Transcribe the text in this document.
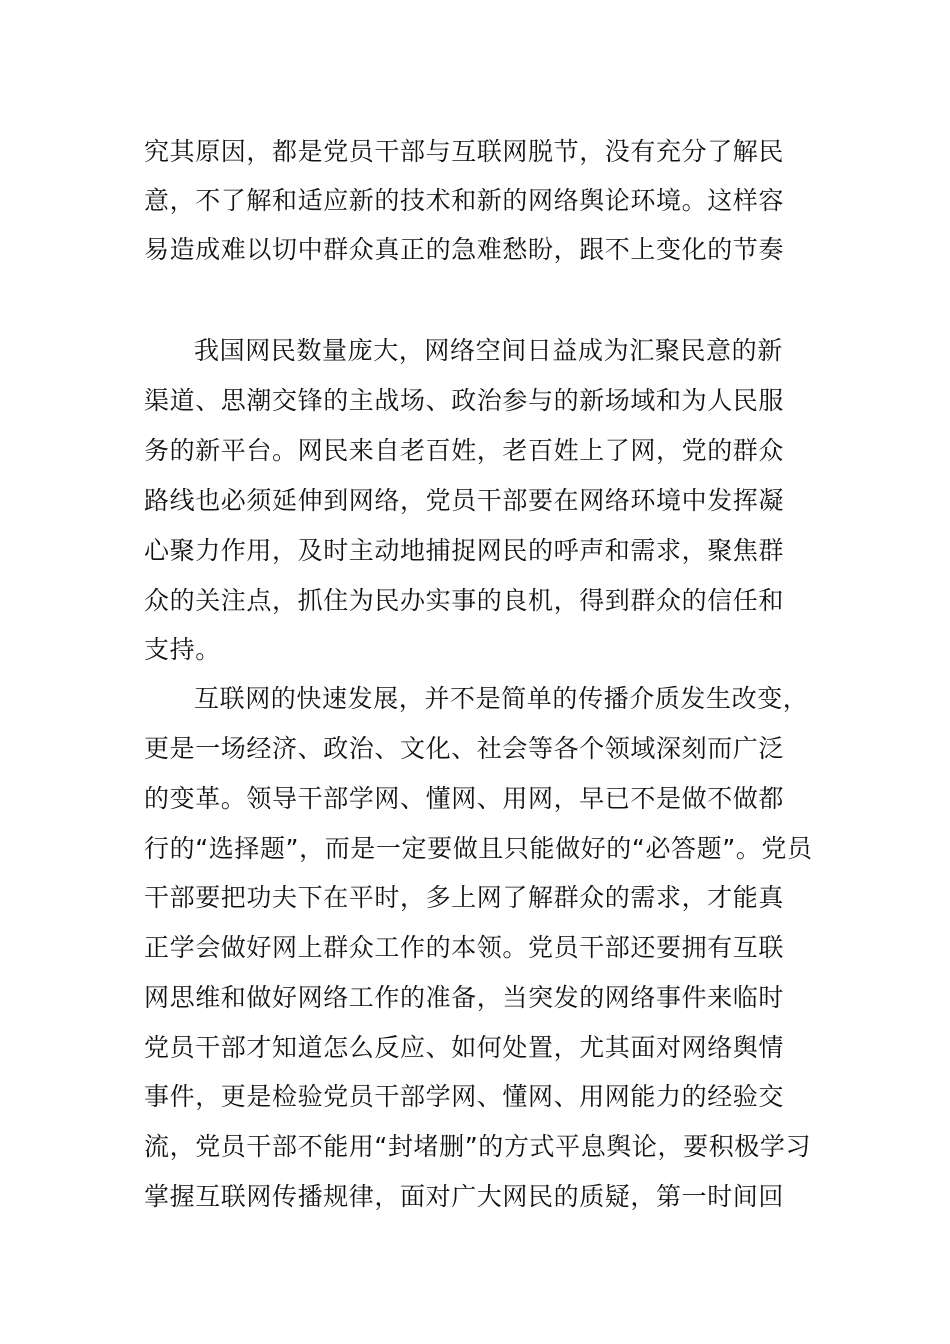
究其原因，都是党员干部与互联网脱节，没有充分了解民
意，不了解和适应新的技术和新的网络舆论环境。这样容
易造成难以切中群众真正的急难愁盼，跟不上变化的节奏
我国网民数量庞大，网络空间日益成为汇聚民意的新
渠道、思潮交锋的主战场、政治参与的新场域和为人民服
务的新平台。网民来自老百姓，老百姓上了网，党的群众
路线也必须延伸到网络，党员干部要在网络环境中发挥凝
心聚力作用，及时主动地捕捉网民的呼声和需求，聚焦群
众的关注点，抓住为民办实事的良机，得到群众的信任和
支持。
互联网的快速发展，并不是简单的传播介质发生改变，
更是一场经济、政治、文化、社会等各个领域深刻而广泛
的变革。领导干部学网、懂网、用网，早已不是做不做都
行的“选择题”，而是一定要做且只能做好的“必答题”。党员
干部要把功夫下在平时，多上网了解群众的需求，才能真
正学会做好网上群众工作的本领。党员干部还要拥有互联
网思维和做好网络工作的准备，当突发的网络事件来临时
党员干部才知道怎么反应、如何处置，尤其面对网络舆情
事件，更是检验党员干部学网、懂网、用网能力的经验交
流，党员干部不能用“封堵删”的方式平息舆论，要积极学习
掌握互联网传播规律，面对广大网民的质疑，第一时间回
